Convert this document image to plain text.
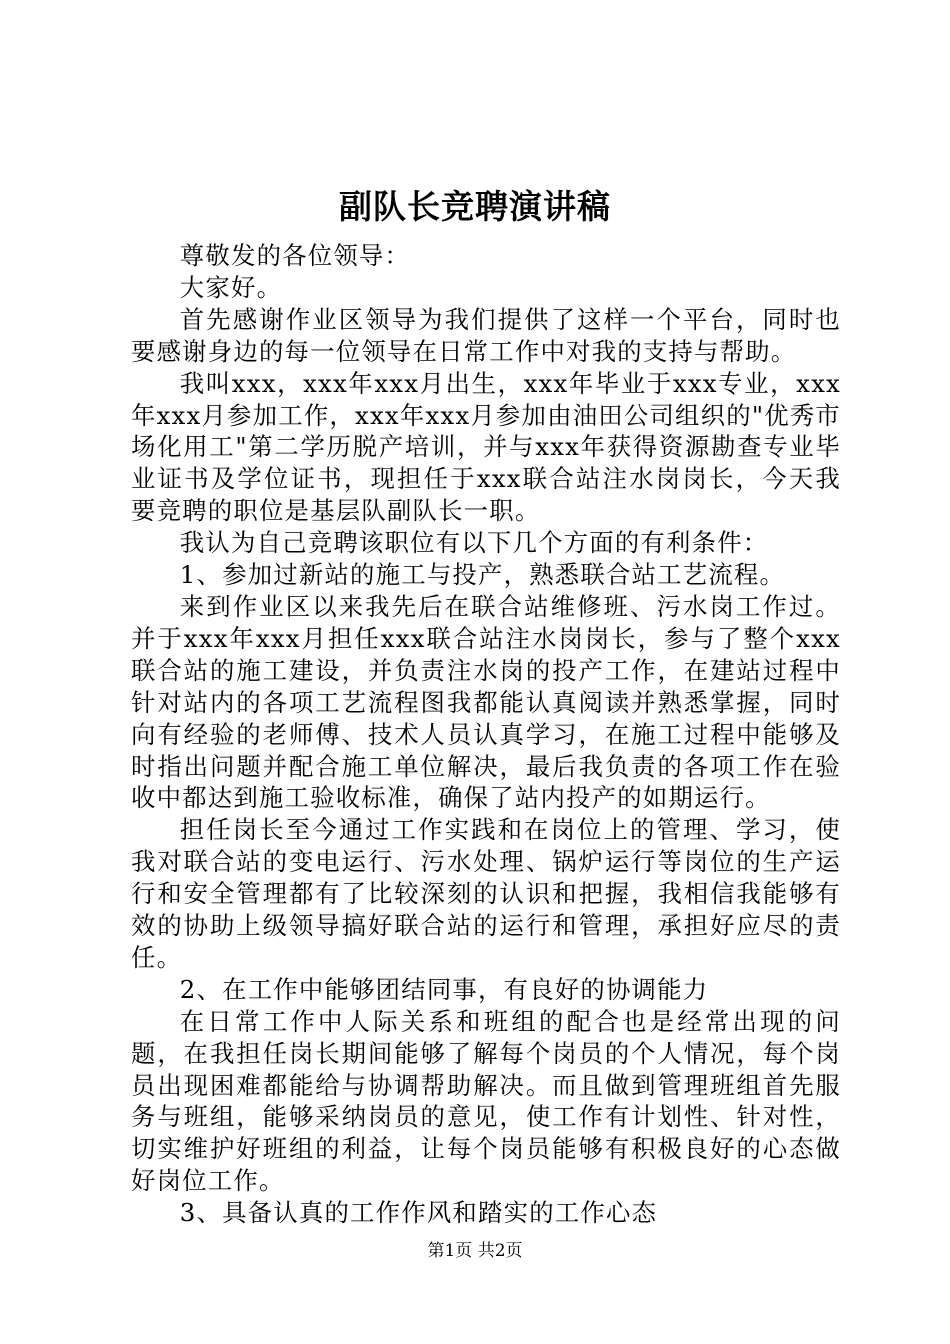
副队长竞聘演讲稿

尊敬发的各位领导：

大家好。

首先感谢作业区领导为我们提供了这样一个平台，同时也要感谢身边的每一位领导在日常工作中对我的支持与帮助。

我叫xxx，xxx年xxx月出生，xxx年毕业于xxx专业，xxx年xxx月参加工作，xxx年xxx月参加由油田公司组织的"优秀市场化用工"第二学历脱产培训，并与xxx年获得资源勘查专业毕业证书及学位证书，现担任于xxx联合站注水岗岗长，今天我要竞聘的职位是基层队副队长一职。

我认为自己竞聘该职位有以下几个方面的有利条件：

1、参加过新站的施工与投产，熟悉联合站工艺流程。

来到作业区以来我先后在联合站维修班、污水岗工作过。并于xxx年xxx月担任xxx联合站注水岗岗长，参与了整个xxx联合站的施工建设，并负责注水岗的投产工作，在建站过程中针对站内的各项工艺流程图我都能认真阅读并熟悉掌握，同时向有经验的老师傅、技术人员认真学习，在施工过程中能够及时指出问题并配合施工单位解决，最后我负责的各项工作在验收中都达到施工验收标准，确保了站内投产的如期运行。

担任岗长至今通过工作实践和在岗位上的管理、学习，使我对联合站的变电运行、污水处理、锅炉运行等岗位的生产运行和安全管理都有了比较深刻的认识和把握，我相信我能够有效的协助上级领导搞好联合站的运行和管理，承担好应尽的责任。

2、在工作中能够团结同事，有良好的协调能力

在日常工作中人际关系和班组的配合也是经常出现的问题，在我担任岗长期间能够了解每个岗员的个人情况，每个岗员出现困难都能给与协调帮助解决。而且做到管理班组首先服务与班组，能够采纳岗员的意见，使工作有计划性、针对性，切实维护好班组的利益，让每个岗员能够有积极良好的心态做好岗位工作。

3、具备认真的工作作风和踏实的工作心态

第1页 共2页
